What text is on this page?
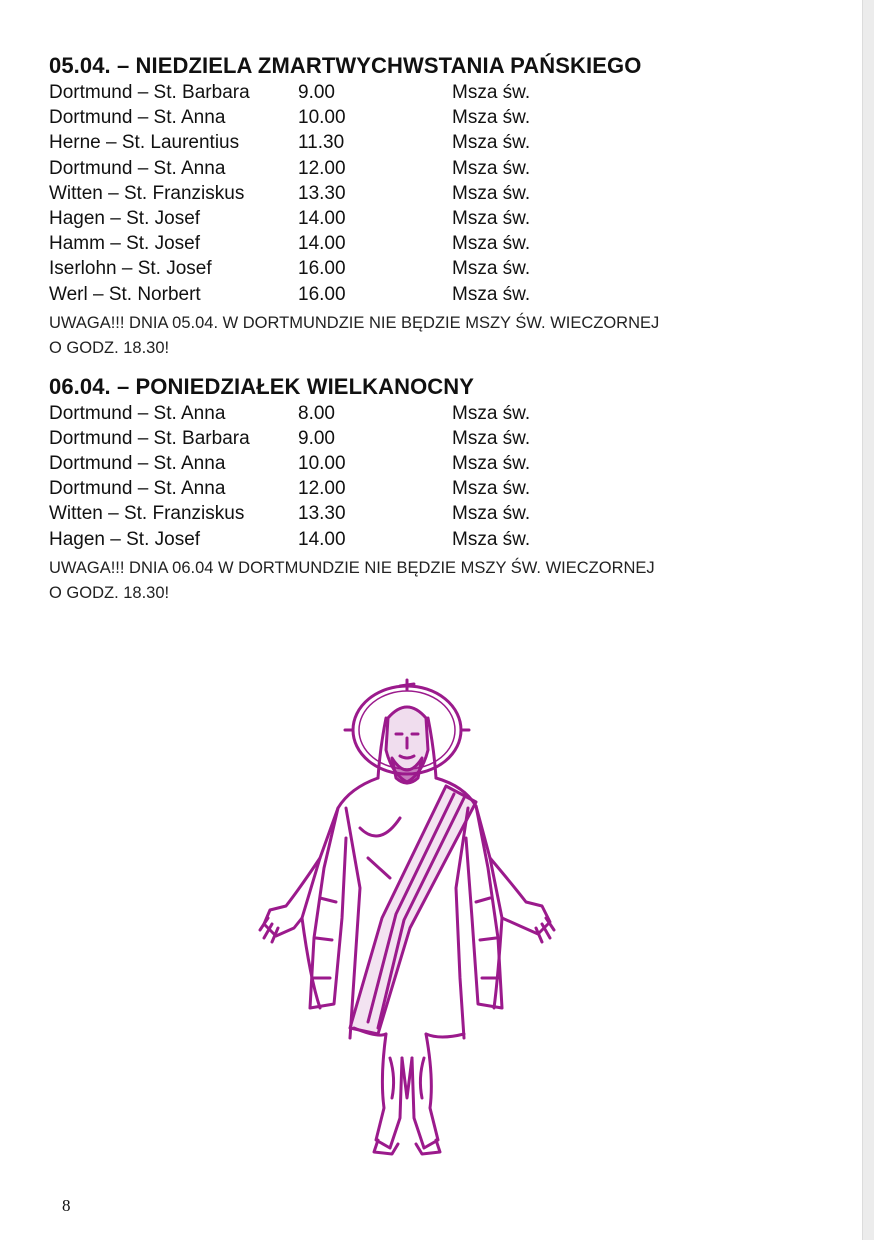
05.04. – NIEDZIELA ZMARTWYCHWSTANIA PAŃSKIEGO
Dortmund – St. Barbara	9.00	Msza św.
Dortmund – St. Anna	10.00	Msza św.
Herne – St. Laurentius	11.30	Msza św.
Dortmund – St. Anna	12.00	Msza św.
Witten – St. Franziskus	13.30	Msza św.
Hagen – St. Josef	14.00	Msza św.
Hamm – St. Josef	14.00	Msza św.
Iserlohn – St. Josef	16.00	Msza św.
Werl – St. Norbert	16.00	Msza św.
UWAGA!!! DNIA 05.04. W DORTMUNDZIE NIE BĘDZIE MSZY ŚW. WIECZORNEJ
O GODZ. 18.30!
06.04. – PONIEDZIAŁEK WIELKANOCNY
Dortmund – St. Anna	8.00	Msza św.
Dortmund – St. Barbara	9.00	Msza św.
Dortmund – St. Anna	10.00	Msza św.
Dortmund – St. Anna	12.00	Msza św.
Witten – St. Franziskus	13.30	Msza św.
Hagen – St. Josef	14.00	Msza św.
UWAGA!!! DNIA 06.04 W DORTMUNDZIE NIE BĘDZIE MSZY ŚW. WIECZORNEJ
O GODZ. 18.30!
8
